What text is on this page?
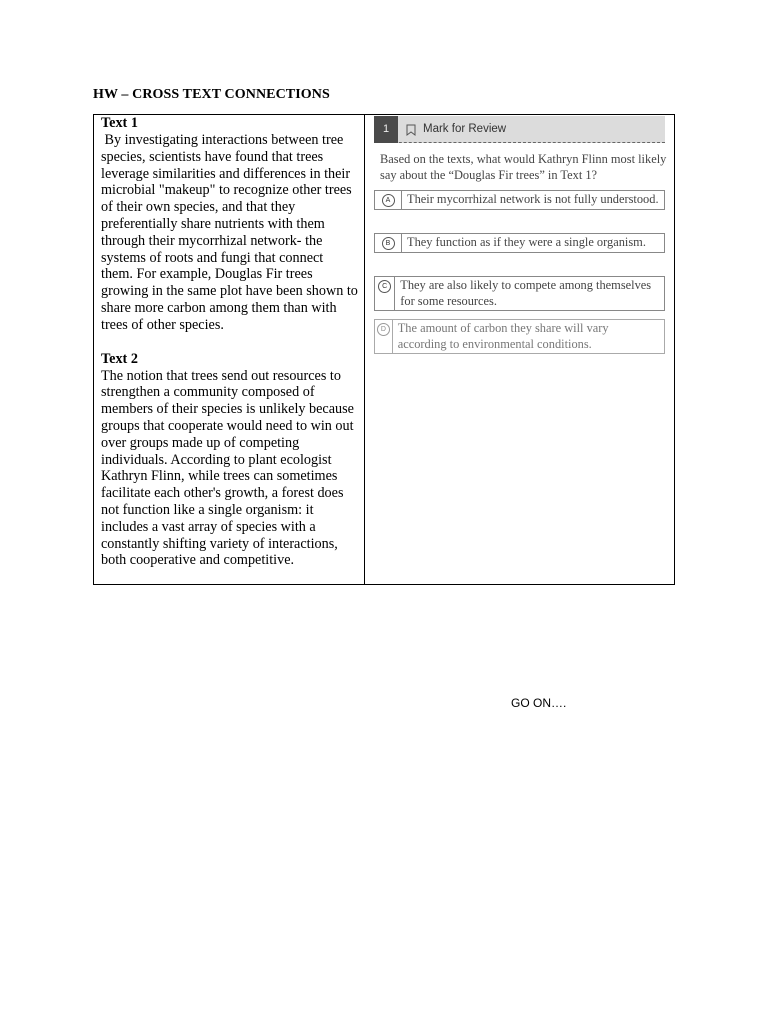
HW – CROSS TEXT CONNECTIONS
Text 1

By investigating interactions between tree species, scientists have found that trees leverage similarities and differences in their microbial "makeup" to recognize other trees of their own species, and that they preferentially share nutrients with them through their mycorrhizal network- the systems of roots and fungi that connect them. For example, Douglas Fir trees growing in the same plot have been shown to share more carbon among them than with trees of other species.

Text 2

The notion that trees send out resources to strengthen a community composed of members of their species is unlikely because groups that cooperate would need to win out over groups made up of competing individuals. According to plant ecologist Kathryn Flinn, while trees can sometimes facilitate each other's growth, a forest does not function like a single organism: it includes a vast array of species with a constantly shifting variety of interactions, both cooperative and competitive.

1	Mark for Review
Based on the texts, what would Kathryn Flinn most likely say about the “Douglas Fir trees” in Text 1?
A	Their mycorrhizal network is not fully understood.
B	They function as if they were a single organism.
C	They are also likely to compete among themselves for some resources.
D The amount of carbon they share will vary according to environmental conditions.
GO ON….
